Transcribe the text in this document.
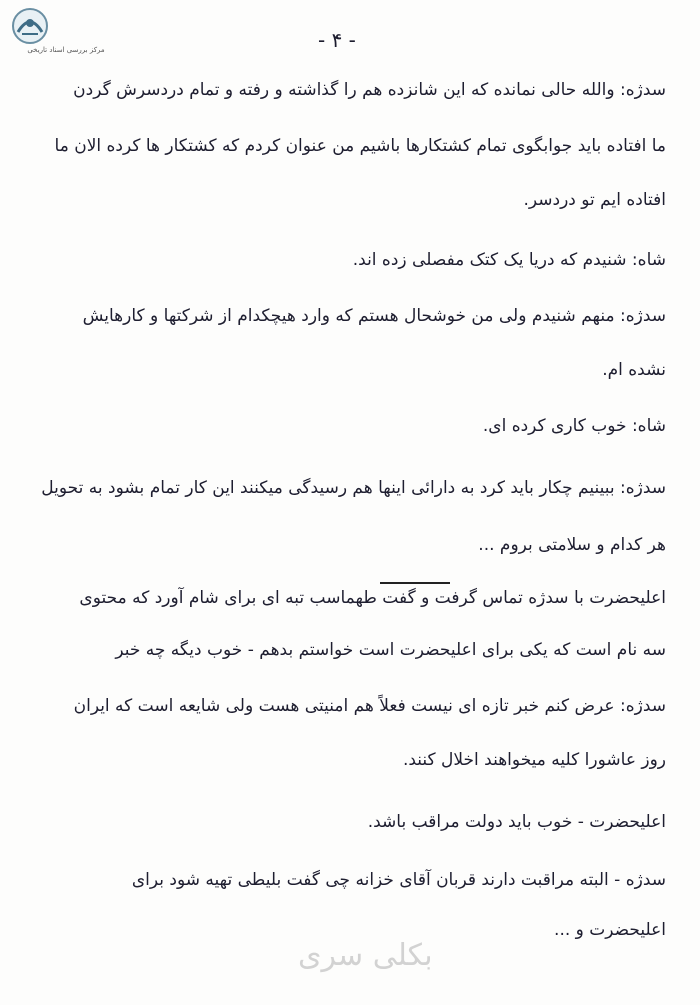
مرکز بررسی اسناد تاریخی	- ۴ -
سدژه: والله حالی نمانده که این شانزده هم را گذاشته و رفته و تمام دردسرش گردن
ما افتاده باید جوابگوی تمام کشتکارها باشیم من عنوان کردم که کشتکار ها کرده الان ما
افتاده ایم تو دردسر.
شاه: شنیدم که دریا یک کتک مفصلی زده اند.
سدژه: منهم شنیدم ولی من خوشحال هستم که وارد هیچکدام از شرکتها و کارهایش
نشده ام.
شاه: خوب کاری کرده ای.
سدژه: ببینیم چکار باید کرد به دارائی اینها هم رسیدگی میکنند این کار تمام بشود به تحویل
هر کدام و سلامتی بروم ...
اعلیحضرت با سدژه تماس گرفت و گفت طهماسب تبه ای برای شام آورد که محتوی
سه نام است که یکی برای اعلیحضرت است خواستم بدهم - خوب دیگه چه خبر
سدژه: عرض کنم خبر تازه ای نیست فعلاً هم امنیتی هست ولی شایعه است که ایران
روز عاشورا کلیه میخواهند اخلال کنند.
اعلیحضرت - خوب باید دولت مراقب باشد.
سدژه - البته مراقبت دارند قربان آقای خزانه چی گفت بلیطی تهیه شود برای
اعلیحضرت و ...
بکلی سری
